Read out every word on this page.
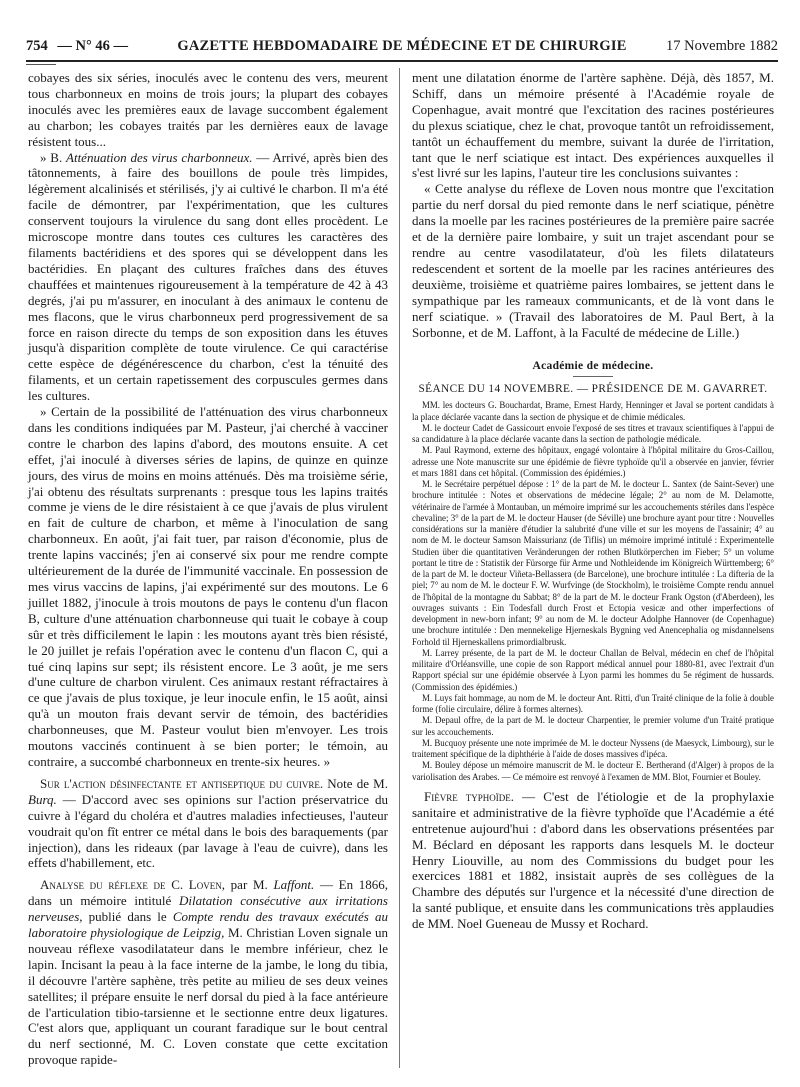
754 — N° 46 —	GAZETTE HEBDOMADAIRE DE MÉDECINE ET DE CHIRURGIE	17 Novembre 1882

cobayes des six séries, inoculés avec le contenu des vers, meurent tous charbonneux en moins de trois jours; la plupart des cobayes inoculés avec les premières eaux de lavage succombent également au charbon; les cobayes traités par les dernières eaux de lavage résistent tous...

» B. Atténuation des virus charbonneux. — Arrivé, après bien des tâtonnements, à faire des bouillons de poule très limpides, légèrement alcalinisés et stérilisés, j'y ai cultivé le charbon. Il m'a été facile de démontrer, par l'expérimentation, que les cultures conservent toujours la virulence du sang dont elles procèdent. Le microscope montre dans toutes ces cultures les caractères des filaments bactéridiens et des spores qui se développent dans les bactéridies. En plaçant des cultures fraîches dans des étuves chauffées et maintenues rigoureusement à la température de 42 à 43 degrés, j'ai pu m'assurer, en inoculant à des animaux le contenu de mes flacons, que le virus charbonneux perd progressivement de sa force en raison directe du temps de son exposition dans les étuves jusqu'à disparition complète de toute virulence. Ce qui caractérise cette espèce de dégénérescence du charbon, c'est la ténuité des filaments, et un certain rapetissement des corpuscules germes dans les cultures.

» Certain de la possibilité de l'atténuation des virus charbonneux dans les conditions indiquées par M. Pasteur, j'ai cherché à vacciner contre le charbon des lapins d'abord, des moutons ensuite. A cet effet, j'ai inoculé à diverses séries de lapins, de quinze en quinze jours, des virus de moins en moins atténués. Dès ma troisième série, j'ai obtenu des résultats surprenants : presque tous les lapins traités comme je viens de le dire résistaient à ce que j'avais de plus virulent en fait de culture de charbon, et même à l'inoculation de sang charbonneux. En août, j'ai fait tuer, par raison d'économie, plus de trente lapins vaccinés; j'en ai conservé six pour me rendre compte ultérieurement de la durée de l'immunité vaccinale. En possession de mes virus vaccins de lapins, j'ai expérimenté sur des moutons. Le 6 juillet 1882, j'inocule à trois moutons de pays le contenu d'un flacon B, culture d'une atténuation charbonneuse qui tuait le cobaye à coup sûr et très difficilement le lapin : les moutons ayant très bien résisté, le 20 juillet je refais l'opération avec le contenu d'un flacon C, qui a tué cinq lapins sur sept; ils résistent encore. Le 3 août, je me sers d'une culture de charbon virulent. Ces animaux restant réfractaires à ce que j'avais de plus toxique, je leur inocule enfin, le 15 août, ainsi qu'à un mouton frais devant servir de témoin, des bactéridies charbonneuses, que M. Pasteur voulut bien m'envoyer. Les trois moutons vaccinés continuent à se bien porter; le témoin, au contraire, a succombé charbonneux en trente-six heures. »

Sur l'action désinfectante et antiseptique du cuivre. Note de M. Burq. — D'accord avec ses opinions sur l'action préservatrice du cuivre à l'égard du choléra et d'autres maladies infectieuses, l'auteur voudrait qu'on fît entrer ce métal dans le bois des baraquements (par injection), dans les rideaux (par lavage à l'eau de cuivre), dans les effets d'habillement, etc.

Analyse du réflexe de C. Loven, par M. Laffont. — En 1866, dans un mémoire intitulé Dilatation consécutive aux irritations nerveuses, publié dans le Compte rendu des travaux exécutés au laboratoire physiologique de Leipzig, M. Christian Loven signale un nouveau réflexe vasodilatateur dans le membre inférieur, chez le lapin. Incisant la peau à la face interne de la jambe, le long du tibia, il découvre l'artère saphène, très petite au milieu de ses deux veines satellites; il prépare ensuite le nerf dorsal du pied à la face antérieure de l'articulation tibio-tarsienne et le sectionne entre deux ligatures. C'est alors que, appliquant un courant faradique sur le bout central du nerf sectionné, M. C. Loven constate que cette excitation provoque rapide-

ment une dilatation énorme de l'artère saphène. Déjà, dès 1857, M. Schiff, dans un mémoire présenté à l'Académie royale de Copenhague, avait montré que l'excitation des racines postérieures du plexus sciatique, chez le chat, provoque tantôt un refroidissement, tantôt un échauffement du membre, suivant la durée de l'irritation, tant que le nerf sciatique est intact. Des expériences auxquelles il s'est livré sur les lapins, l'auteur tire les conclusions suivantes :

« Cette analyse du réflexe de Loven nous montre que l'excitation partie du nerf dorsal du pied remonte dans le nerf sciatique, pénètre dans la moelle par les racines postérieures de la première paire sacrée et de la dernière paire lombaire, y suit un trajet ascendant pour se rendre au centre vasodilatateur, d'où les filets dilatateurs redescendent et sortent de la moelle par les racines antérieures des deuxième, troisième et quatrième paires lombaires, se jettent dans le sympathique par les rameaux communicants, et de là vont dans le nerf sciatique. » (Travail des laboratoires de M. Paul Bert, à la Sorbonne, et de M. Laffont, à la Faculté de médecine de Lille.)

Académie de médecine.

SÉANCE DU 14 NOVEMBRE. — PRÉSIDENCE DE M. GAVARRET.

MM. les docteurs G. Bouchardat, Brame, Ernest Hardy, Henninger et Javal se portent candidats à la place déclarée vacante dans la section de physique et de chimie médicales.

M. le docteur Cadet de Gassicourt envoie l'exposé de ses titres et travaux scientifiques à l'appui de sa candidature à la place déclarée vacante dans la section de pathologie médicale.

M. Paul Raymond, externe des hôpitaux, engagé volontaire à l'hôpital militaire du Gros-Caillou, adresse une Note manuscrite sur une épidémie de fièvre typhoïde qu'il a observée en janvier, février et mars 1881 dans cet hôpital. (Commission des épidémies.)

M. le Secrétaire perpétuel dépose : 1° de la part de M. le docteur L. Santex (de Saint-Sever) une brochure intitulée : Notes et observations de médecine légale; 2° au nom de M. Delamotte, vétérinaire de l'armée à Montauban, un mémoire imprimé sur les accouchements stériles dans l'espèce chevaline; 3° de la part de M. le docteur Hauser (de Séville) une brochure ayant pour titre : Nouvelles considérations sur la manière d'étudier la salubrité d'une ville et sur les moyens de l'assainir; 4° au nom de M. le docteur Samson Maissurianz (de Tiflis) un mémoire imprimé intitulé : Experimentelle Studien über die quantitativen Veränderungen der rothen Blutkörperchen im Fieber; 5° un volume portant le titre de : Statistik der Fürsorge für Arme und Nothleidende im Königreich Württemberg; 6° de la part de M. le docteur Viñeta-Bellassera (de Barcelone), une brochure intitulée : La difteria de la piel; 7° au nom de M. le docteur F. W. Wurfvinge (de Stockholm), le troisième Compte rendu annuel de l'hôpital de la montagne du Sabbat; 8° de la part de M. le docteur Frank Ogston (d'Aberdeen), les ouvrages suivants : Ein Todesfall durch Frost et Ectopia vesicæ and other imperfections of development in new-born infant; 9° au nom de M. le docteur Adolphe Hannover (de Copenhague) une brochure intitulée : Den mennekelige Hjerneskals Bygning ved Anencephalia og misdannelsens Forhold til Hjerneskallens primordialbrusk.

M. Larrey présente, de la part de M. le docteur Challan de Belval, médecin en chef de l'hôpital militaire d'Orléansville, une copie de son Rapport médical annuel pour 1880-81, avec l'extrait d'un Rapport spécial sur une épidémie observée à Lyon parmi les hommes du 5e régiment de hussards. (Commission des épidémies.)

M. Luys fait hommage, au nom de M. le docteur Ant. Ritti, d'un Traité clinique de la folie à double forme (folie circulaire, délire à formes alternes).

M. Depaul offre, de la part de M. le docteur Charpentier, le premier volume d'un Traité pratique sur les accouchements.

M. Bucquoy présente une note imprimée de M. le docteur Nyssens (de Maesyck, Limbourg), sur le traitement spécifique de la diphthérie à l'aide de doses massives d'ipéca.

M. Bouley dépose un mémoire manuscrit de M. le docteur E. Bertherand (d'Alger) à propos de la variolisation des Arabes. — Ce mémoire est renvoyé à l'examen de MM. Blot, Fournier et Bouley.

Fièvre typhoïde. — C'est de l'étiologie et de la prophylaxie sanitaire et administrative de la fièvre typhoïde que l'Académie a été entretenue aujourd'hui : d'abord dans les observations présentées par M. Béclard en déposant les rapports dans lesquels M. le docteur Henry Liouville, au nom des Commissions du budget pour les exercices 1881 et 1882, insistait auprès de ses collègues de la Chambre des députés sur l'urgence et la nécessité d'une direction de la santé publique, et ensuite dans les communications très applaudies de MM. Noel Gueneau de Mussy et Rochard.
